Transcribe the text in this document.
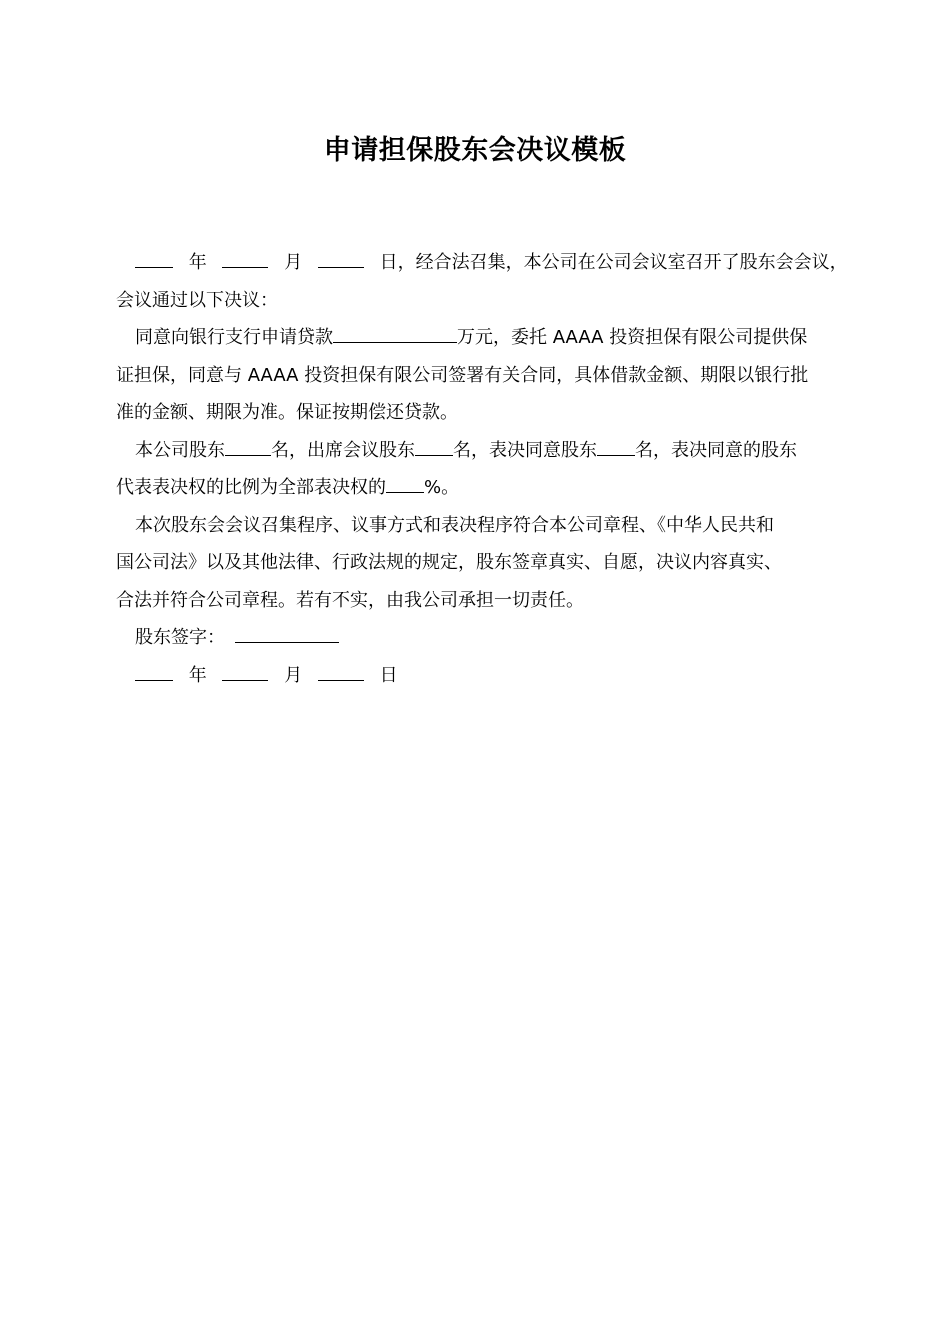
申请担保股东会决议模板

年	月	日，经合法召集，本公司在公司会议室召开了股东会会议，

会议通过以下决议：

同意向银行支行申请贷款	万元，委托 AAAA 投资担保有限公司提供保

证担保，同意与 AAAA 投资担保有限公司签署有关合同，具体借款金额、期限以银行批

准的金额、期限为准。保证按期偿还贷款。

本公司股东	名，出席会议股东 名，表决同意股东 名，表决同意的股东

代表表决权的比例为全部表决权的 %。

本次股东会会议召集程序、议事方式和表决程序符合本公司章程、《中华人民共和

国公司法》以及其他法律、行政法规的规定，股东签章真实、自愿，决议内容真实、

合法并符合公司章程。若有不实，由我公司承担一切责任。

股东签字：

年	月	日
